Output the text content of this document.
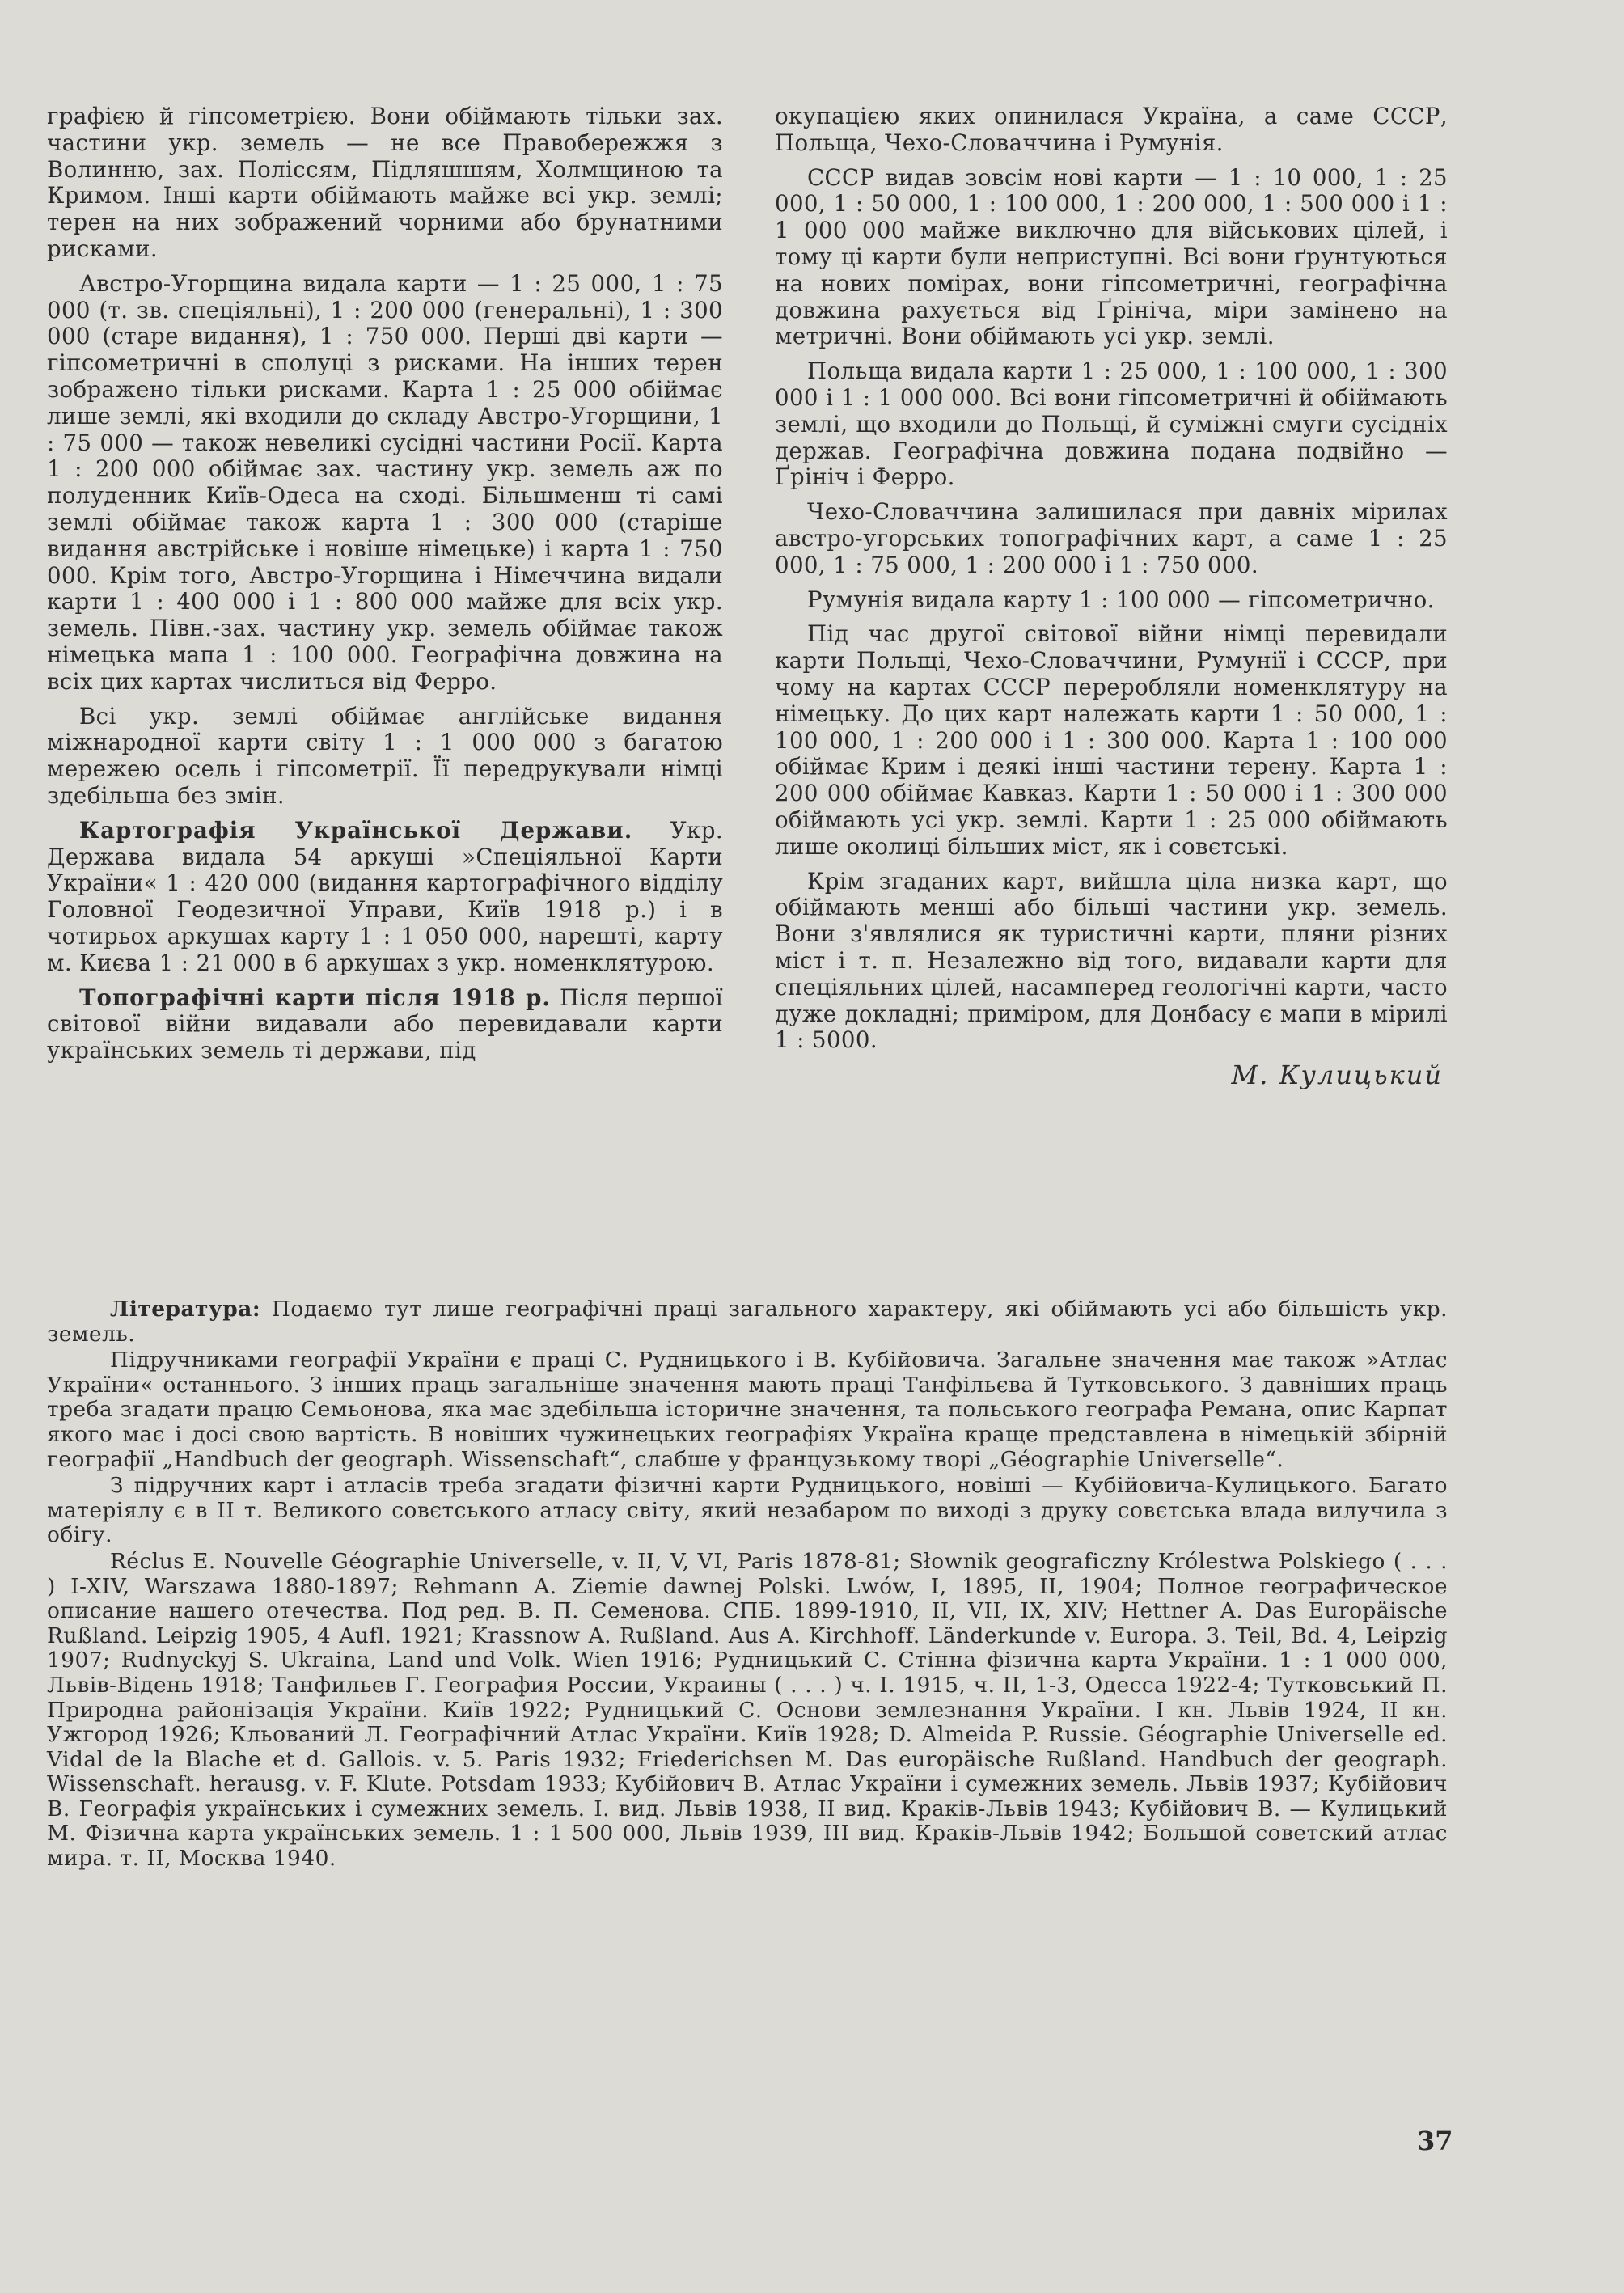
графією й гіпсометрією. Вони обіймають тільки зах. частини укр. земель — не все Правобережжя з Волинню, зах. Поліссям, Підляшшям, Холмщиною та Кримом. Інші карти обіймають майже всі укр. землі; терен на них зображений чорними або брунатними рисками.

Австро-Угорщина видала карти — 1 : 25 000, 1 : 75 000 (т. зв. спеціяльні), 1 : 200 000 (генеральні), 1 : 300 000 (старе видання), 1 : 750 000. Перші дві карти — гіпсометричні в сполуці з рисками. На інших терен зображено тільки рисками. Карта 1 : 25 000 обіймає лише землі, які входили до складу Австро-Угорщини, 1 : 75 000 — також невеликі сусідні частини Росії. Карта 1 : 200 000 обіймає зах. частину укр. земель аж по полуденник Київ-Одеса на сході. Більшменш ті самі землі обіймає також карта 1 : 300 000 (старіше видання австрійське і новіше німецьке) і карта 1 : 750 000. Крім того, Австро-Угорщина і Німеччина видали карти 1 : 400 000 і 1 : 800 000 майже для всіх укр. земель. Півн.-зах. частину укр. земель обіймає також німецька мапа 1 : 100 000. Географічна довжина на всіх цих картах числиться від Ферро.

Всі укр. землі обіймає англійське видання міжнародної карти світу 1 : 1 000 000 з багатою мережею осель і гіпсометрії. Її передрукували німці здебільша без змін.

Картографія Української Держави. Укр. Держава видала 54 аркуші »Спеціяльної Карти України« 1 : 420 000 (видання картографічного відділу Головної Геодезичної Управи, Київ 1918 р.) і в чотирьох аркушах карту 1 : 1 050 000, нарешті, карту м. Києва 1 : 21 000 в 6 аркушах з укр. номенклятурою.

Топографічні карти після 1918 р. Після першої світової війни видавали або перевидавали карти українських земель ті держави, під

окупацією яких опинилася Україна, а саме СССР, Польща, Чехо-Словаччина і Румунія.

СССР видав зовсім нові карти — 1 : 10 000, 1 : 25 000, 1 : 50 000, 1 : 100 000, 1 : 200 000, 1 : 500 000 і 1 : 1 000 000 майже виключно для військових цілей, і тому ці карти були неприступні. Всі вони ґрунтуються на нових помірах, вони гіпсометричні, географічна довжина рахується від Ґрініча, міри замінено на метричні. Вони обіймають усі укр. землі.

Польща видала карти 1 : 25 000, 1 : 100 000, 1 : 300 000 і 1 : 1 000 000. Всі вони гіпсометричні й обіймають землі, що входили до Польщі, й суміжні смуги сусідніх держав. Географічна довжина подана подвійно — Ґрініч і Ферро.

Чехо-Словаччина залишилася при давніх мірилах австро-угорських топографічних карт, а саме 1 : 25 000, 1 : 75 000, 1 : 200 000 і 1 : 750 000.

Румунія видала карту 1 : 100 000 — гіпсометрично.

Під час другої світової війни німці перевидали карти Польщі, Чехо-Словаччини, Румунії і СССР, при чому на картах СССР переробляли номенклятуру на німецьку. До цих карт належать карти 1 : 50 000, 1 : 100 000, 1 : 200 000 і 1 : 300 000. Карта 1 : 100 000 обіймає Крим і деякі інші частини терену. Карта 1 : 200 000 обіймає Кавказ. Карти 1 : 50 000 і 1 : 300 000 обіймають усі укр. землі. Карти 1 : 25 000 обіймають лише околиці більших міст, як і совєтські.

Крім згаданих карт, вийшла ціла низка карт, що обіймають менші або більші частини укр. земель. Вони з'являлися як туристичні карти, пляни різних міст і т. п. Незалежно від того, видавали карти для спеціяльних цілей, насамперед геологічні карти, часто дуже докладні; приміром, для Донбасу є мапи в мірилі 1 : 5000.

М. Кулицький

Література: Подаємо тут лише географічні праці загального характеру, які обіймають усі або більшість укр. земель.

Підручниками географії України є праці С. Рудницького і В. Кубійовича. Загальне значення має також »Атлас України« останнього. З інших праць загальніше значення мають праці Танфільєва й Тутковського. З давніших праць треба згадати працю Семьонова, яка має здебільша історичне значення, та польського географа Ремана, опис Карпат якого має і досі свою вартість. В новіших чужинецьких географіях Україна краще представлена в німецькій збірній географії „Handbuch der geograph. Wissenschaft“, слабше у французькому творі „Géographie Universelle“.

З підручних карт і атласів треба згадати фізичні карти Рудницького, новіші — Кубійовича-Кулицького. Багато матеріялу є в II т. Великого совєтського атласу світу, який незабаром по виході з друку совєтська влада вилучила з обігу.

Réclus E. Nouvelle Géographie Universelle, v. II, V, VI, Paris 1878-81; Słownik geograficzny Królestwa Polskiego ( . . . ) I-XIV, Warszawa 1880-1897; Rehmann A. Ziemie dawnej Polski. Lwów, I, 1895, II, 1904; Полное географическое описание нашего отечества. Под ред. В. П. Семенова. СПБ. 1899-1910, II, VII, IX, XIV; Hettner A. Das Europäische Rußland. Leipzig 1905, 4 Aufl. 1921; Krassnow A. Rußland. Aus A. Kirchhoff. Länderkunde v. Europa. 3. Teil, Bd. 4, Leipzig 1907; Rudnyckyj S. Ukraina, Land und Volk. Wien 1916; Рудницький С. Стінна фізична карта України. 1 : 1 000 000, Львів-Відень 1918; Танфильев Г. География России, Украины ( . . . ) ч. I. 1915, ч. II, 1-3, Одесса 1922-4; Тутковський П. Природна районізація України. Київ 1922; Рудницький С. Основи землезнання України. I кн. Львів 1924, II кн. Ужгород 1926; Кльований Л. Географічний Атлас України. Київ 1928; D. Almeida P. Russie. Géographie Universelle ed. Vidal de la Blache et d. Gallois. v. 5. Paris 1932; Friederichsen M. Das europäische Rußland. Handbuch der geograph. Wissenschaft. herausg. v. F. Klute. Potsdam 1933; Кубійович В. Атлас України і сумежних земель. Львів 1937; Кубійович В. Географія українських і сумежних земель. I. вид. Львів 1938, II вид. Краків-Львів 1943; Кубійович В. — Кулицький М. Фізична карта українських земель. 1 : 1 500 000, Львів 1939, III вид. Краків-Львів 1942; Большой советский атлас мира. т. II, Москва 1940.

37
